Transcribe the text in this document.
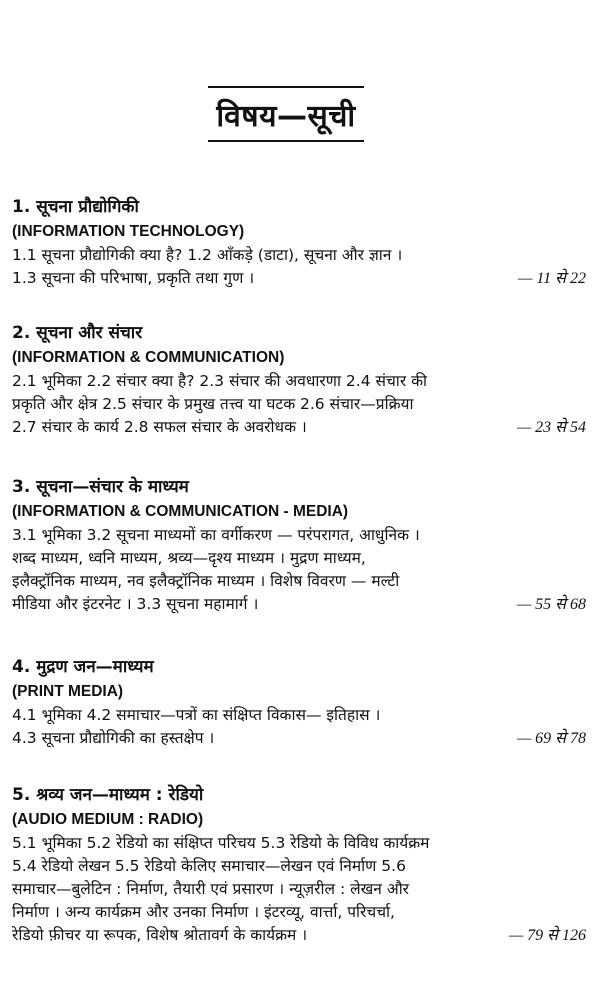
विषय—सूची
1. सूचना प्रौद्योगिकी
(INFORMATION TECHNOLOGY)
1.1 सूचना प्रौद्योगिकी क्या है? 1.2 आँकड़े (डाटा), सूचना और ज्ञान ।
1.3 सूचना की परिभाषा, प्रकृति तथा गुण ।	— 11 से 22
2. सूचना और संचार
(INFORMATION & COMMUNICATION)
2.1 भूमिका 2.2 संचार क्या है? 2.3 संचार की अवधारणा 2.4 संचार की
प्रकृति और क्षेत्र 2.5 संचार के प्रमुख तत्त्व या घटक 2.6 संचार—प्रक्रिया
2.7 संचार के कार्य 2.8 सफल संचार के अवरोधक ।	— 23 से 54
3. सूचना—संचार के माध्यम
(INFORMATION & COMMUNICATION - MEDIA)
3.1 भूमिका 3.2 सूचना माध्यमों का वर्गीकरण — परंपरागत, आधुनिक ।
शब्द माध्यम, ध्वनि माध्यम, श्रव्य—दृश्य माध्यम । मुद्रण माध्यम,
इलैक्ट्रॉनिक माध्यम, नव इलैक्ट्रॉनिक माध्यम । विशेष विवरण — मल्टी
मीडिया और इंटरनेट । 3.3 सूचना महामार्ग ।	— 55 से 68
4. मुद्रण जन—माध्यम
(PRINT MEDIA)
4.1 भूमिका 4.2 समाचार—पत्रों का संक्षिप्त विकास— इतिहास ।
4.3 सूचना प्रौद्योगिकी का हस्तक्षेप ।	— 69 से 78
5. श्रव्य जन—माध्यम : रेडियो
(AUDIO MEDIUM : RADIO)
5.1 भूमिका 5.2 रेडियो का संक्षिप्त परिचय 5.3 रेडियो के विविध कार्यक्रम
5.4 रेडियो लेखन 5.5 रेडियो केलिए समाचार—लेखन एवं निर्माण 5.6
समाचार—बुलेटिन : निर्माण, तैयारी एवं प्रसारण । न्यूज़रील : लेखन और
निर्माण । अन्य कार्यक्रम और उनका निर्माण । इंटरव्यू, वार्त्ता, परिचर्चा,
रेडियो फ़ीचर या रूपक, विशेष श्रोतावर्ग के कार्यक्रम ।	— 79 से 126
